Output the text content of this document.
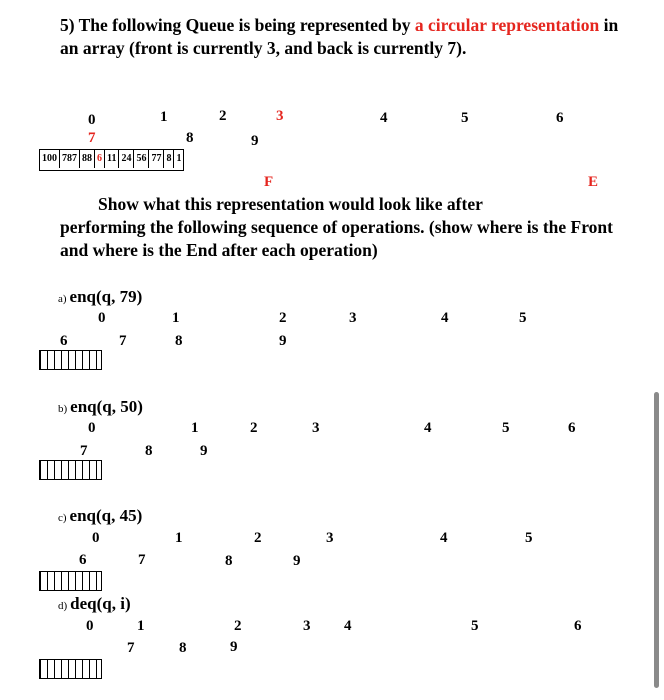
5) The following Queue is being represented by a circular representation in an array (front is currently 3, and back is currently 7).
0	1	2	3	4	5	6
7	8	9
100 787 88 6 11 24 56 77 8 1
F	E
Show what this representation would look like after
performing the following sequence of operations. (show where is the Front and where is the End after each operation)
a) enq(q, 79)
0	1	2	3	4	5
6	7	8	9
b) enq(q, 50)
0	1	2	3	4	5	6
7	8	9
c) enq(q, 45)
0	1	2	3	4	5
6	7	8	9
d) deq(q, i)
0	1	2	3 4	5	6
7	8	9
